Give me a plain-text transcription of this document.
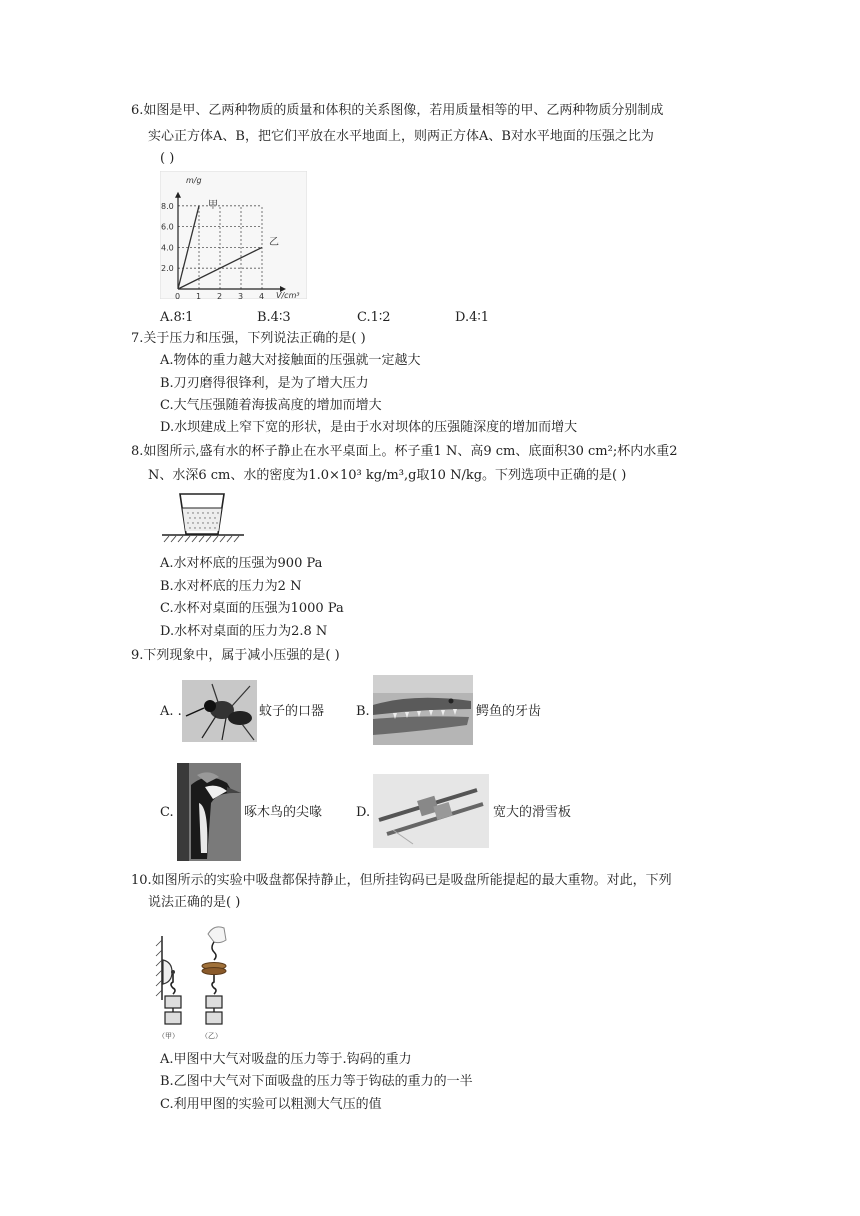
6.如图是甲、乙两种物质的质量和体积的关系图像，若用质量相等的甲、乙两种物质分别制成
实心正方体A、B，把它们平放在水平地面上，则两正方体A、B对水平地面的压强之比为
( )
0 1 2 3 4
2.0
4.0
6.0
8.0
m/g
V/cm³
甲
乙
A.8∶1	B.4∶3	C.1∶2	D.4∶1
7.关于压力和压强，下列说法正确的是( )
A.物体的重力越大对接触面的压强就一定越大
B.刀刃磨得很锋利，是为了增大压力
C.大气压强随着海拔高度的增加而增大
D.水坝建成上窄下宽的形状，是由于水对坝体的压强随深度的增加而增大
8.如图所示,盛有水的杯子静止在水平桌面上。杯子重1 N、高9 cm、底面积30 cm²;杯内水重2
N、水深6 cm、水的密度为1.0×10³ kg/m³,g取10 N/kg。下列选项中正确的是( )
A.水对杯底的压强为900 Pa
B.水对杯底的压力为2 N
C.水杯对桌面的压强为1000 Pa
D.水杯对桌面的压力为2.8 N
9.下列现象中，属于减小压强的是( )
A. .	蚊子的口器 B.	鳄鱼的牙齿
C.	啄木鸟的尖喙	D.	宽大的滑雪板
10.如图所示的实验中吸盘都保持静止，但所挂钩码已是吸盘所能提起的最大重物。对此，下列
说法正确的是( )
（甲）	（乙）
A.甲图中大气对吸盘的压力等于.钩码的重力
B.乙图中大气对下面吸盘的压力等于钩砝的重力的一半
C.利用甲图的实验可以粗测大气压的值
